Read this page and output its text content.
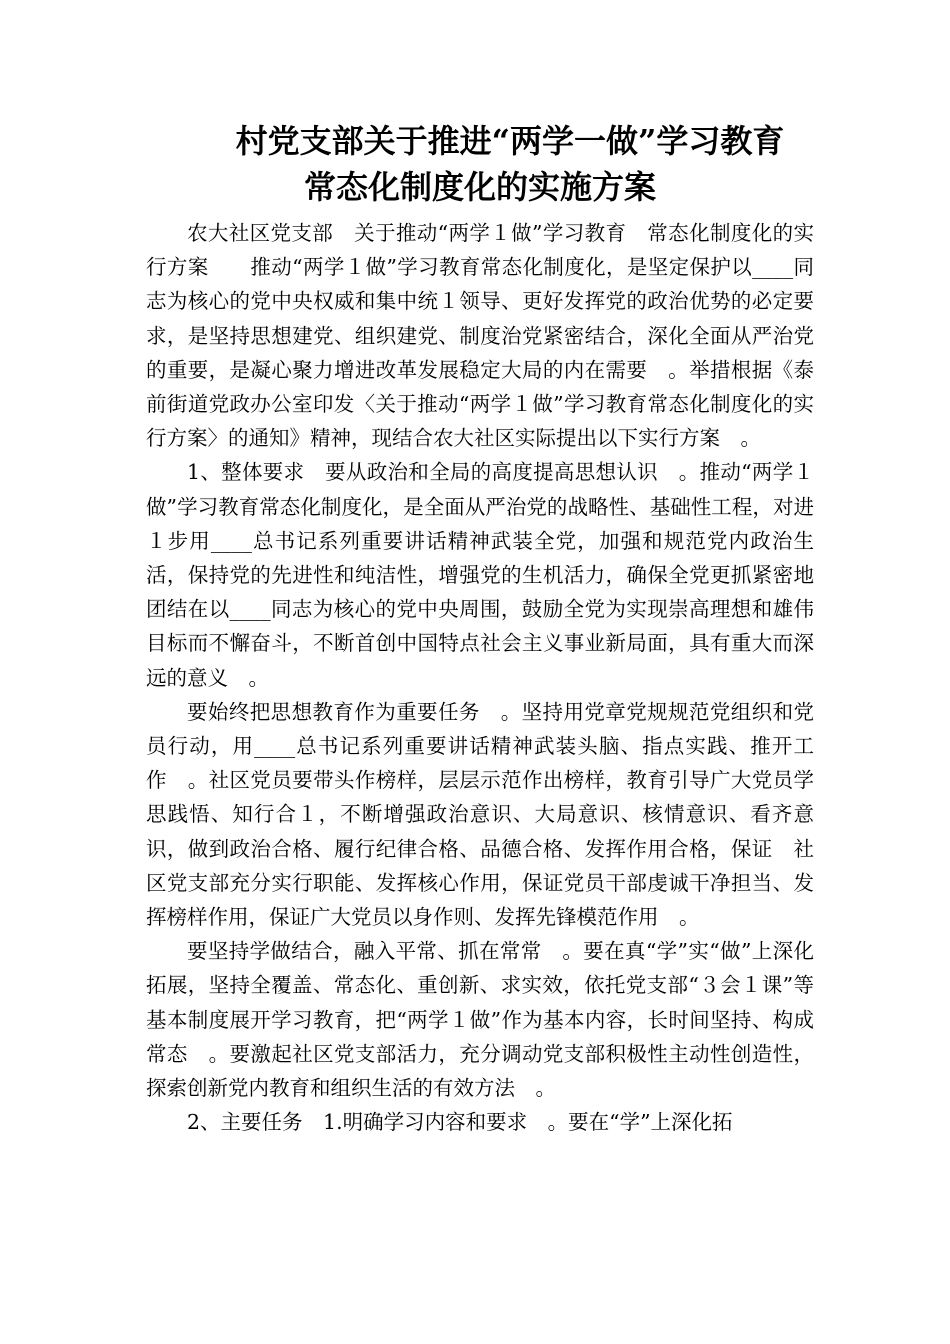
村党支部关于推进“两学一做”学习教育
常态化制度化的实施方案

农大社区党支部　关于推动“两学１做”学习教育　常态化制度化的实行方案　　推动“两学１做”学习教育常态化制度化，是坚定保护以____同志为核心的党中央权威和集中统１领导、更好发挥党的政治优势的必定要求，是坚持思想建党、组织建党、制度治党紧密结合，深化全面从严治党的重要，是凝心聚力增进改革发展稳定大局的内在需要　。举措根据《泰前街道党政办公室印发〈关于推动“两学１做”学习教育常态化制度化的实行方案〉的通知》精神，现结合农大社区实际提出以下实行方案　。

1、整体要求　要从政治和全局的高度提高思想认识　。推动“两学１做”学习教育常态化制度化，是全面从严治党的战略性、基础性工程，对进１步用____总书记系列重要讲话精神武装全党，加强和规范党内政治生活，保持党的先进性和纯洁性，增强党的生机活力，确保全党更抓紧密地团结在以____同志为核心的党中央周围，鼓励全党为实现崇高理想和雄伟目标而不懈奋斗，不断首创中国特点社会主义事业新局面，具有重大而深远的意义　。

要始终把思想教育作为重要任务　。坚持用党章党规规范党组织和党员行动，用____总书记系列重要讲话精神武装头脑、指点实践、推开工作　。社区党员要带头作榜样，层层示范作出榜样，教育引导广大党员学思践悟、知行合１，不断增强政治意识、大局意识、核情意识、看齐意识，做到政治合格、履行纪律合格、品德合格、发挥作用合格，保证　社区党支部充分实行职能、发挥核心作用，保证党员干部虔诚干净担当、发挥榜样作用，保证广大党员以身作则、发挥先锋模范作用　。

要坚持学做结合，融入平常、抓在常常　。要在真“学”实“做”上深化拓展，坚持全覆盖、常态化、重创新、求实效，依托党支部“３会１课”等基本制度展开学习教育，把“两学１做”作为基本内容，长时间坚持、构成常态　。要激起社区党支部活力，充分调动党支部积极性主动性创造性，探索创新党内教育和组织生活的有效方法　。

2、主要任务　1.明确学习内容和要求　。要在“学”上深化拓
